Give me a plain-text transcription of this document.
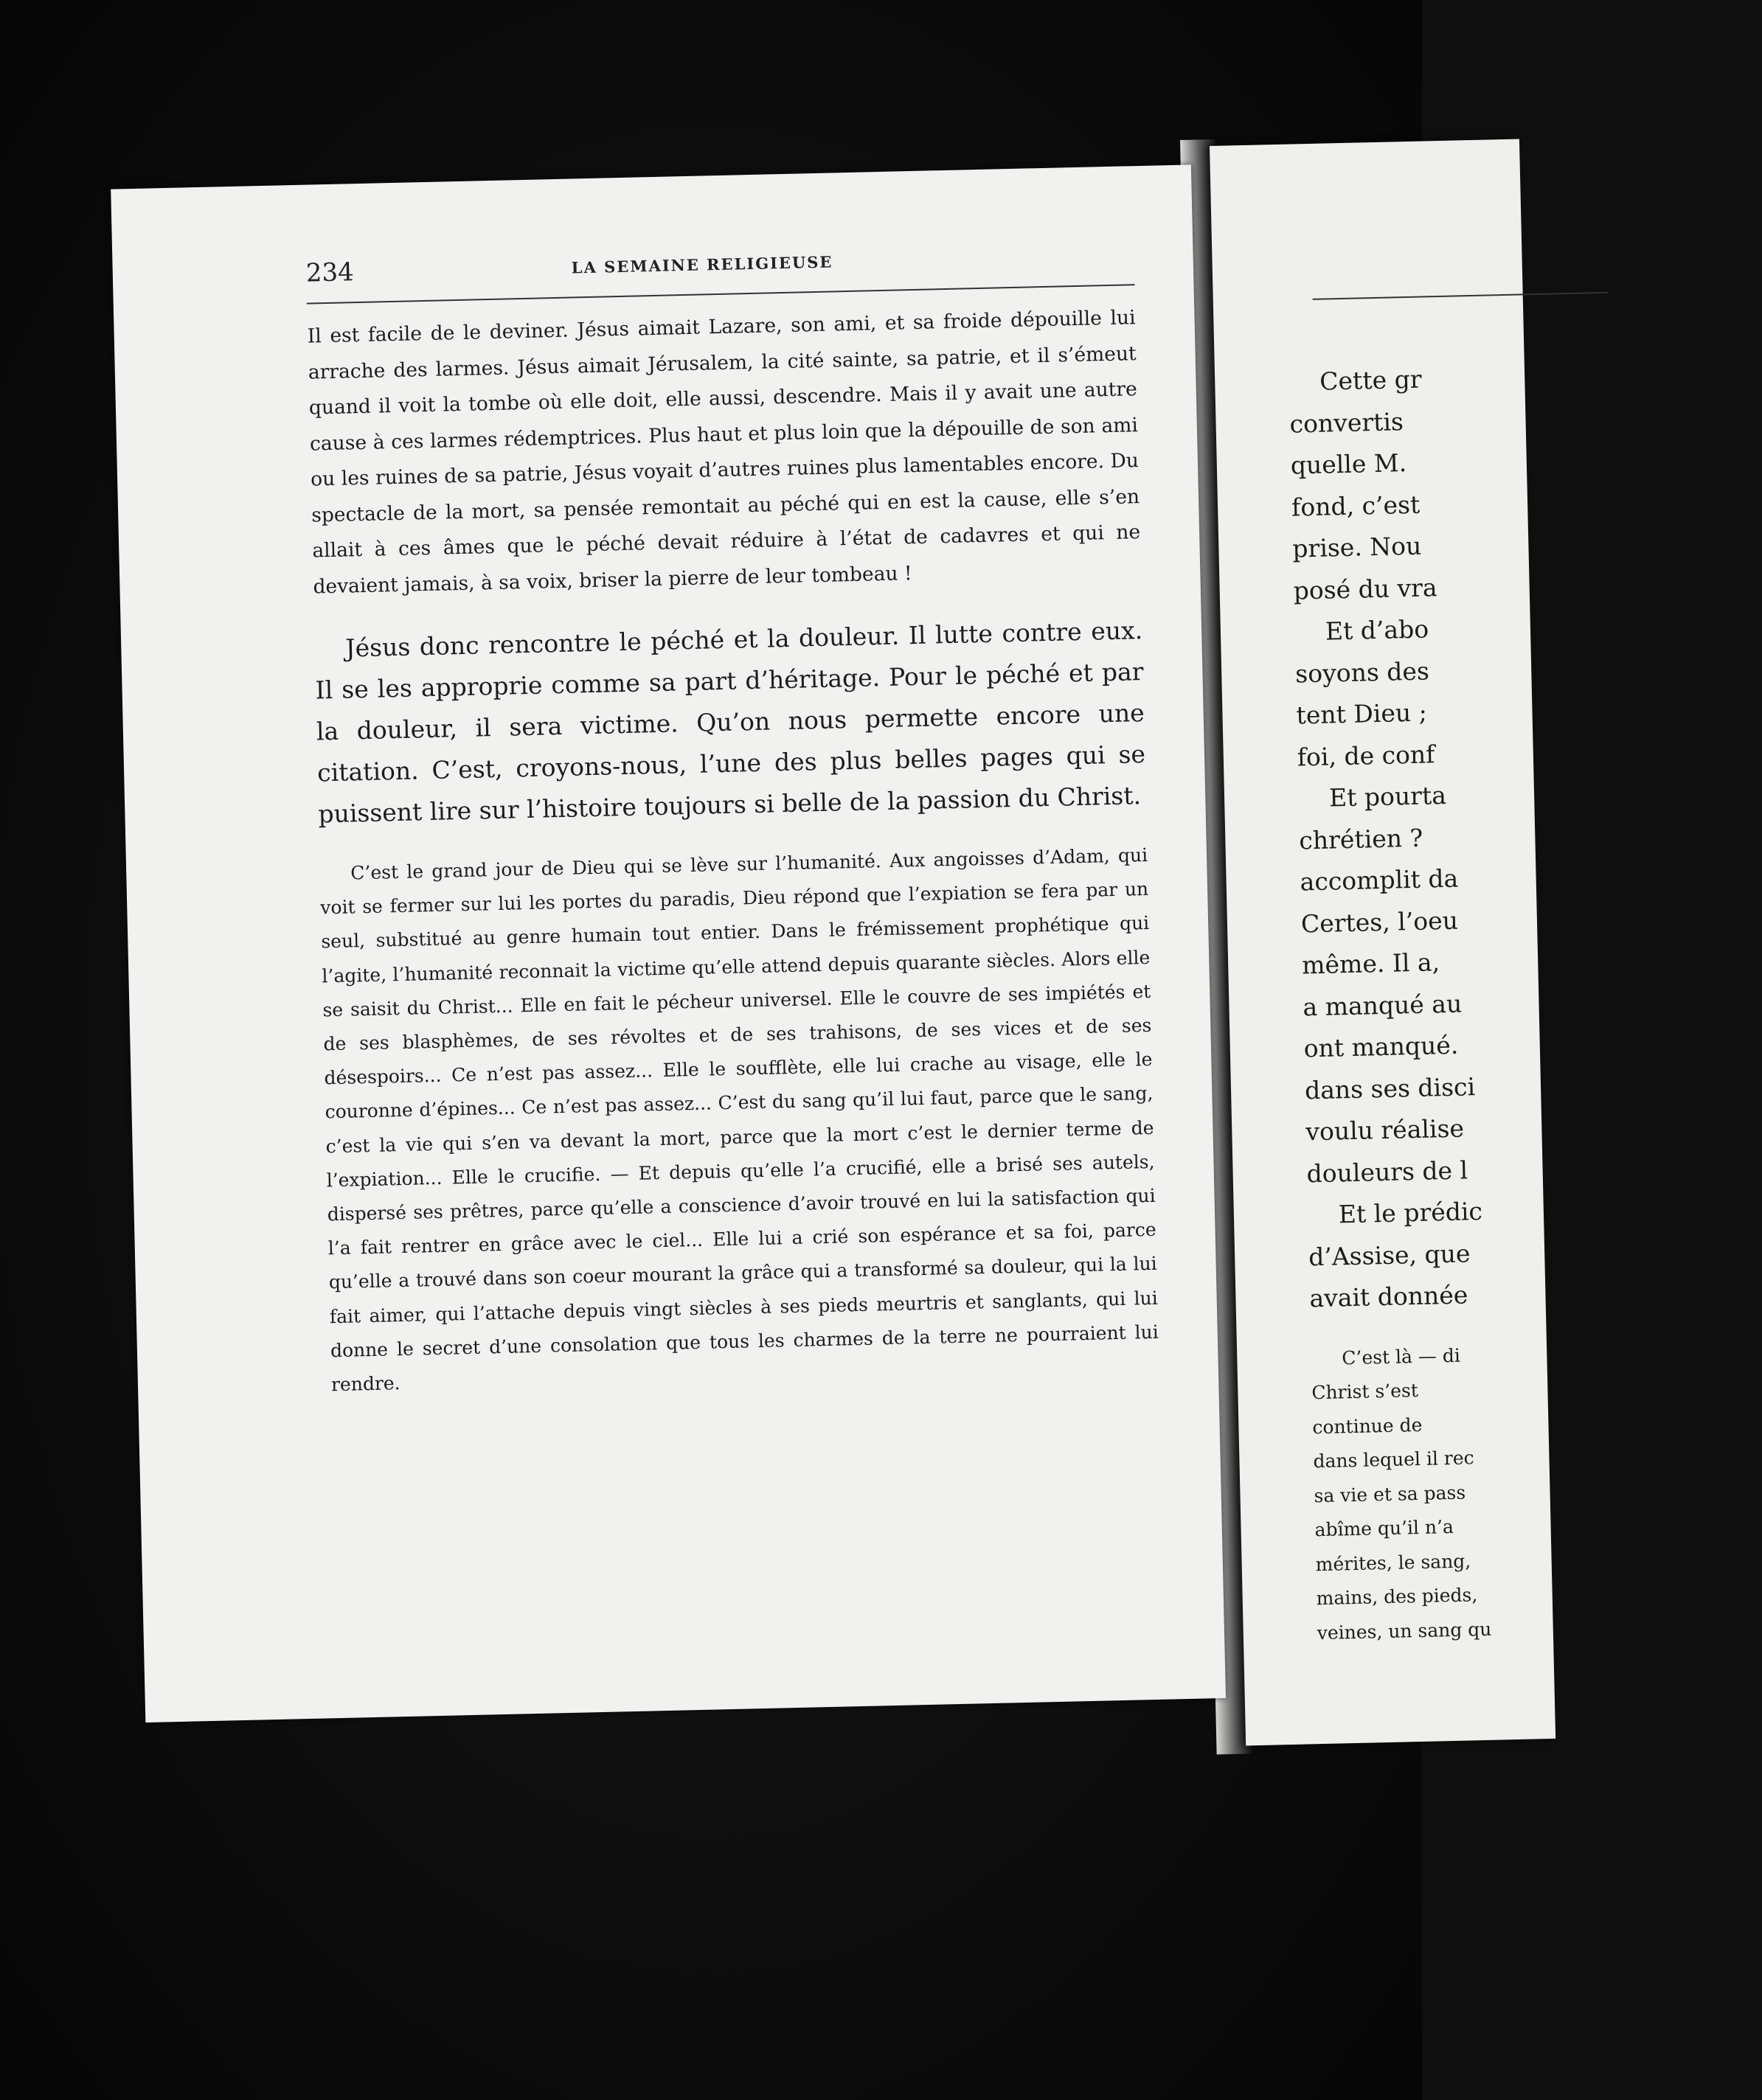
Cette gr

convertis

quelle M.

fond, c’est

prise. Nou

posé du vra

Et d’abo

soyons des

tent Dieu ;

foi, de conf

Et pourta

chrétien ?

accomplit da

Certes, l’oeu

même. Il a,

a manqué au

ont manqué.

dans ses disci

voulu réalise

douleurs de l

Et le prédic

d’Assise, que

avait donnée

C’est là — di

Christ s’est

continue de

dans lequel il rec

sa vie et sa pass

abîme qu’il n’a

mérites, le sang,

mains, des pieds,

veines, un sang qu

234	LA SEMAINE RELIGIEUSE

Il est facile de le deviner. Jésus aimait Lazare, son ami, et sa froide dépouille lui arrache des larmes. Jésus aimait Jérusalem, la cité sainte, sa patrie, et il s’émeut quand il voit la tombe où elle doit, elle aussi, descendre. Mais il y avait une autre cause à ces larmes rédemptrices. Plus haut et plus loin que la dépouille de son ami ou les ruines de sa patrie, Jésus voyait d’autres ruines plus lamentables encore. Du spectacle de la mort, sa pensée remontait au péché qui en est la cause, elle s’en allait à ces âmes que le péché devait réduire à l’état de cadavres et qui ne devaient jamais, à sa voix, briser la pierre de leur tombeau !

Jésus donc rencontre le péché et la douleur. Il lutte contre eux. Il se les approprie comme sa part d’héritage. Pour le péché et par la douleur, il sera victime. Qu’on nous permette encore une citation. C’est, croyons-nous, l’une des plus belles pages qui se puissent lire sur l’histoire toujours si belle de la passion du Christ.

C’est le grand jour de Dieu qui se lève sur l’humanité. Aux angoisses d’Adam, qui voit se fermer sur lui les portes du paradis, Dieu répond que l’expiation se fera par un seul, substitué au genre humain tout entier. Dans le frémissement prophétique qui l’agite, l’humanité reconnait la victime qu’elle attend depuis quarante siècles. Alors elle se saisit du Christ... Elle en fait le pécheur universel. Elle le couvre de ses impiétés et de ses blasphèmes, de ses révoltes et de ses trahisons, de ses vices et de ses désespoirs... Ce n’est pas assez... Elle le soufflète, elle lui crache au visage, elle le couronne d’épines... Ce n’est pas assez... C’est du sang qu’il lui faut, parce que le sang, c’est la vie qui s’en va devant la mort, parce que la mort c’est le dernier terme de l’expiation... Elle le crucifie. — Et depuis qu’elle l’a crucifié, elle a brisé ses autels, dispersé ses prêtres, parce qu’elle a conscience d’avoir trouvé en lui la satisfaction qui l’a fait rentrer en grâce avec le ciel... Elle lui a crié son espérance et sa foi, parce qu’elle a trouvé dans son coeur mourant la grâce qui a transformé sa douleur, qui la lui fait aimer, qui l’attache depuis vingt siècles à ses pieds meurtris et sanglants, qui lui donne le secret d’une consolation que tous les charmes de la terre ne pourraient lui rendre.
